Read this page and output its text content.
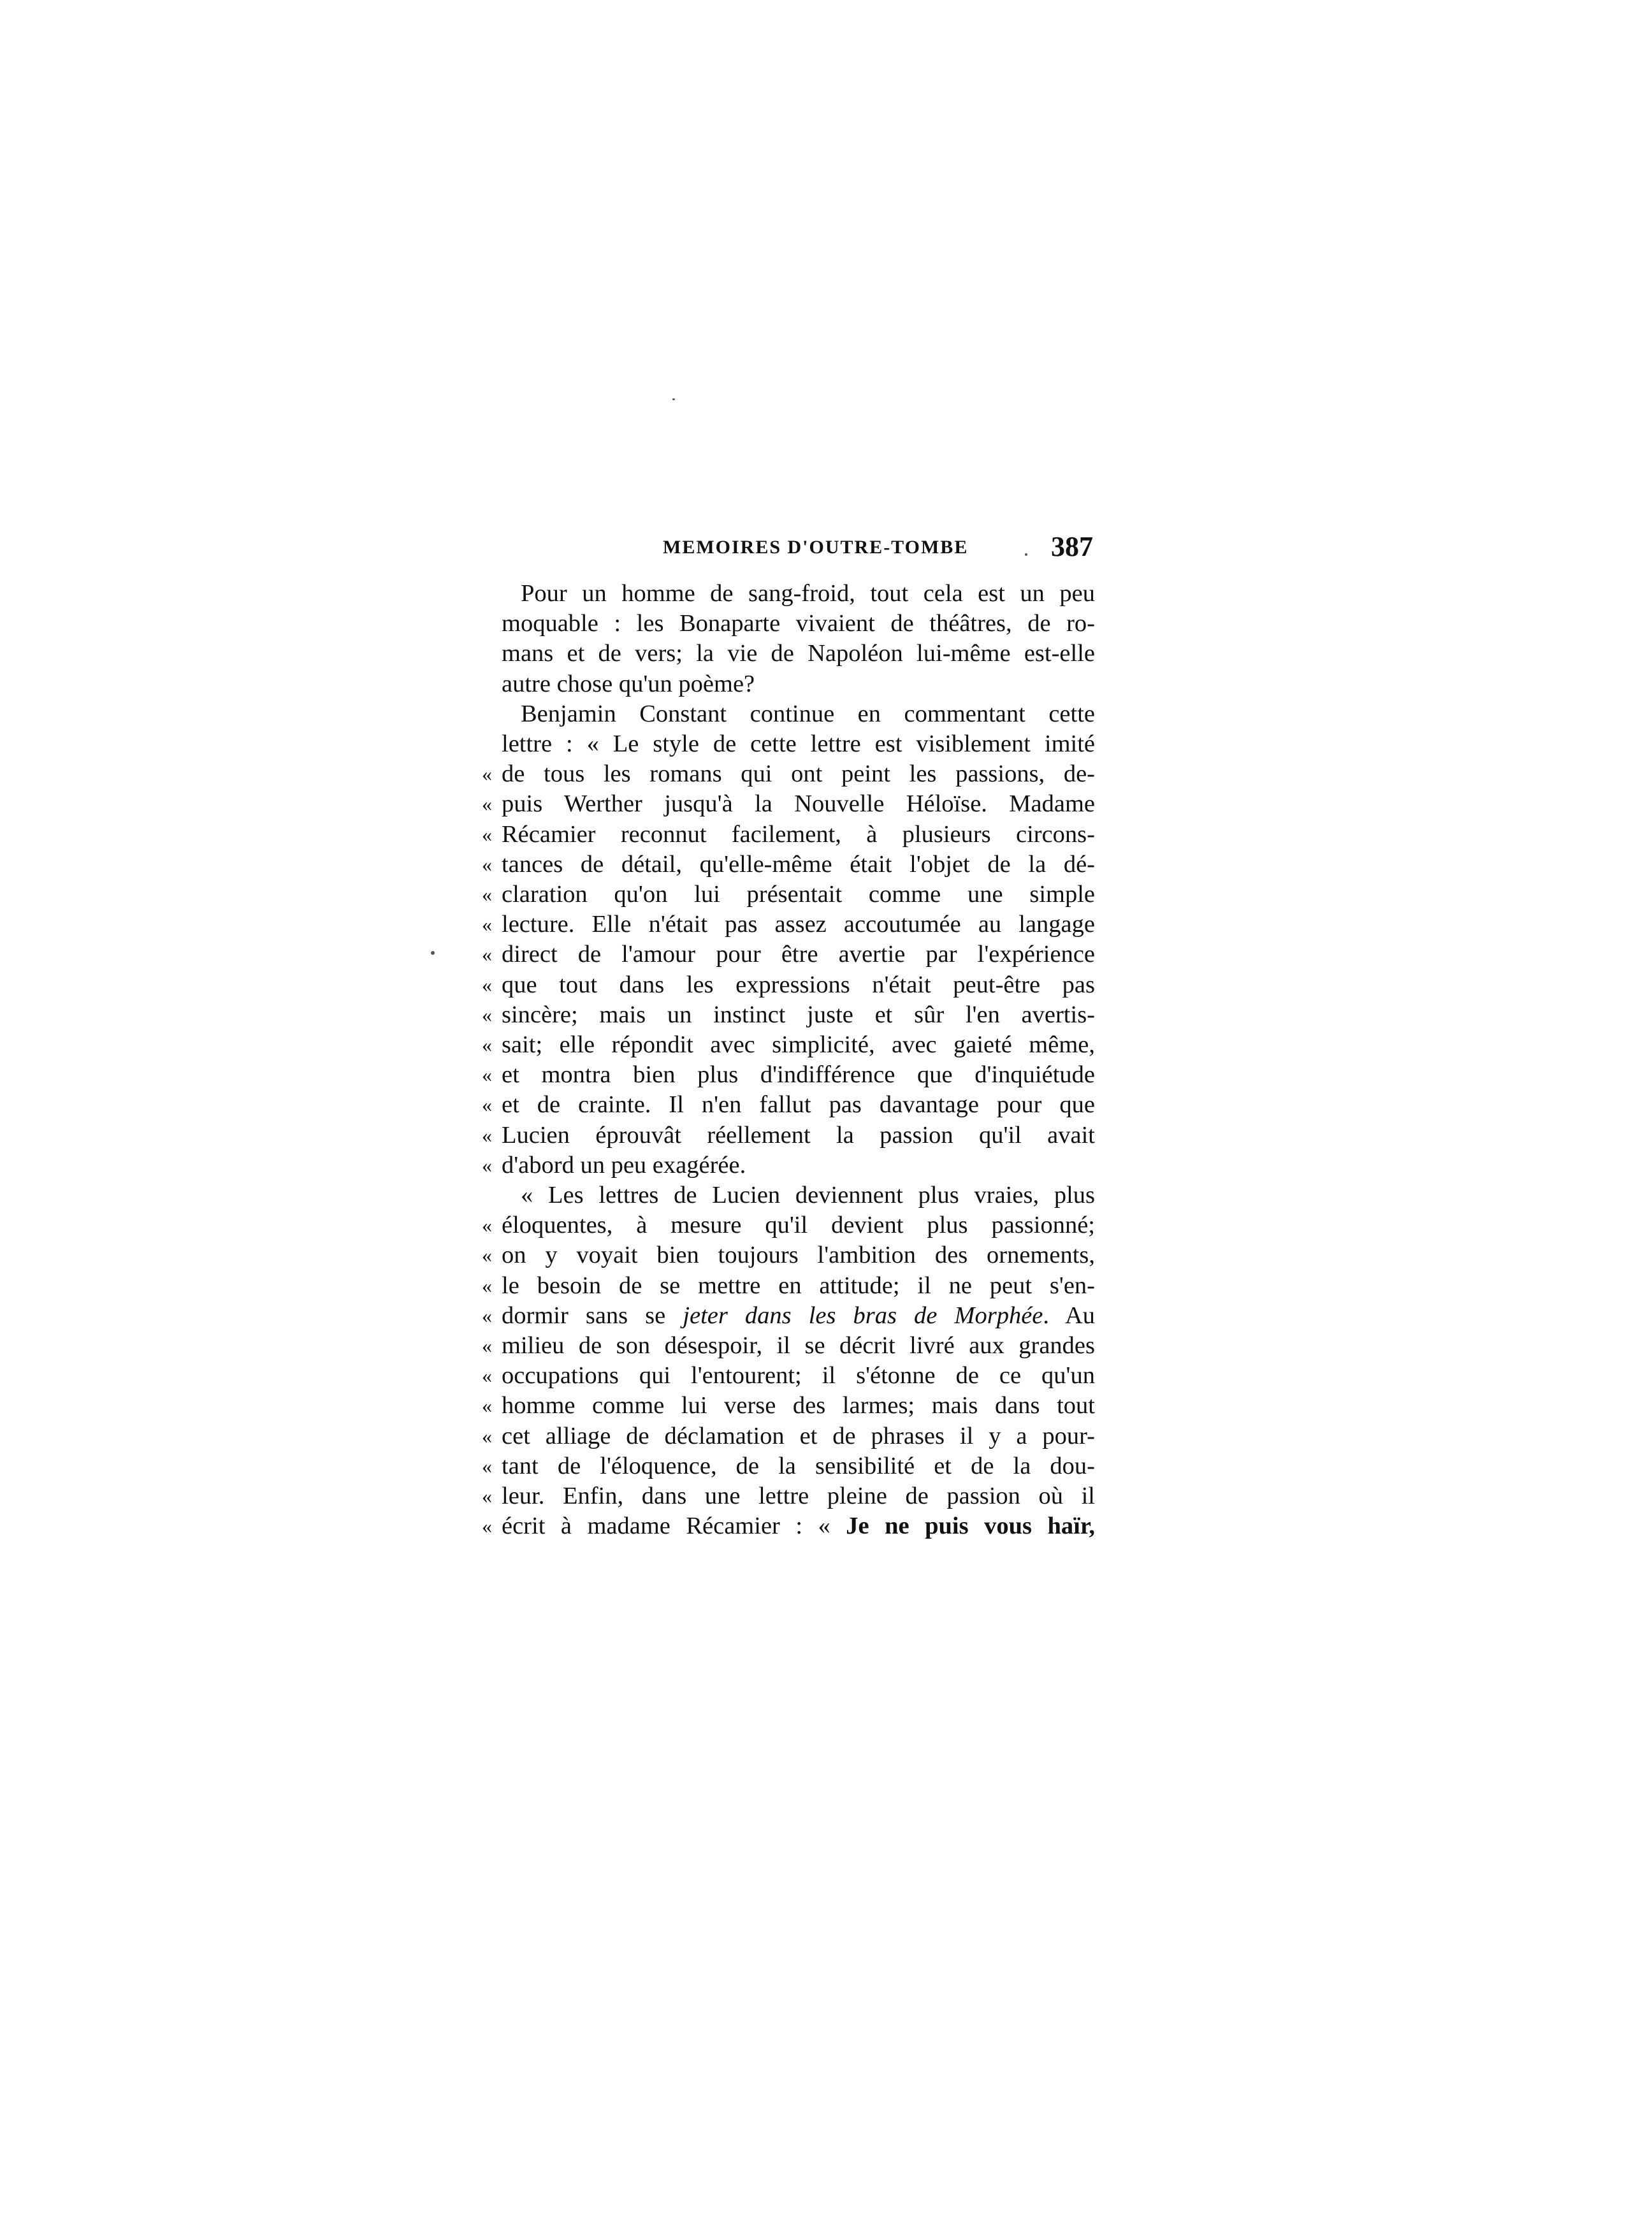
MEMOIRES D'OUTRE-TOMBE	387
Pour un homme de sang-froid, tout cela est un peu
moquable : les Bonaparte vivaient de théâtres, de ro-
mans et de vers; la vie de Napoléon lui-même est-elle
autre chose qu'un poème?
Benjamin Constant continue en commentant cette
lettre : « Le style de cette lettre est visiblement imité
« de tous les romans qui ont peint les passions, de-
« puis Werther jusqu'à la Nouvelle Héloïse. Madame
« Récamier reconnut facilement, à plusieurs circons-
« tances de détail, qu'elle-même était l'objet de la dé-
« claration qu'on lui présentait comme une simple
« lecture. Elle n'était pas assez accoutumée au langage
« direct de l'amour pour être avertie par l'expérience
« que tout dans les expressions n'était peut-être pas
« sincère; mais un instinct juste et sûr l'en avertis-
« sait; elle répondit avec simplicité, avec gaieté même,
« et montra bien plus d'indifférence que d'inquiétude
« et de crainte. Il n'en fallut pas davantage pour que
« Lucien éprouvât réellement la passion qu'il avait
« d'abord un peu exagérée.
« Les lettres de Lucien deviennent plus vraies, plus
« éloquentes, à mesure qu'il devient plus passionné;
« on y voyait bien toujours l'ambition des ornements,
« le besoin de se mettre en attitude; il ne peut s'en-
« dormir sans se jeter dans les bras de Morphée. Au
« milieu de son désespoir, il se décrit livré aux grandes
« occupations qui l'entourent; il s'étonne de ce qu'un
« homme comme lui verse des larmes; mais dans tout
« cet alliage de déclamation et de phrases il y a pour-
« tant de l'éloquence, de la sensibilité et de la dou-
« leur. Enfin, dans une lettre pleine de passion où il
« écrit à madame Récamier : « Je ne puis vous haïr,
